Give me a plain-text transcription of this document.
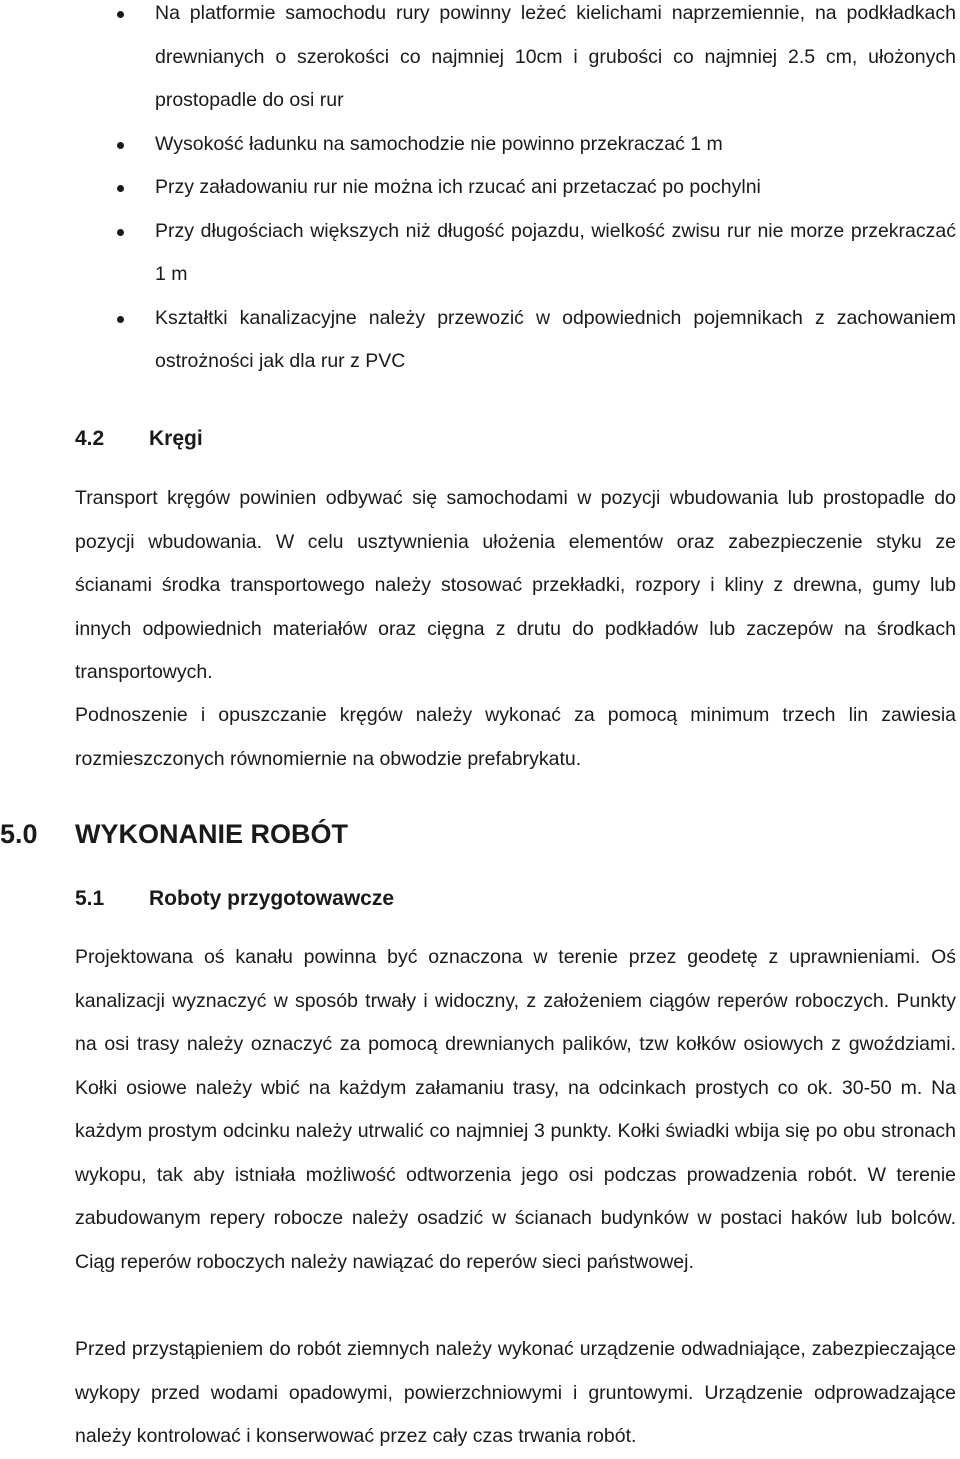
Na platformie samochodu rury powinny leżeć kielichami naprzemiennie, na podkładkach drewnianych o szerokości co najmniej 10cm i grubości co najmniej 2.5 cm, ułożonych prostopadle do osi rur
Wysokość ładunku na samochodzie nie powinno przekraczać 1 m
Przy załadowaniu rur nie można ich rzucać ani przetaczać po pochylni
Przy długościach większych niż długość pojazdu, wielkość zwisu rur nie morze przekraczać 1 m
Kształtki kanalizacyjne należy przewozić w odpowiednich pojemnikach z zachowaniem ostrożności jak dla rur z PVC
4.2 Kręgi

Transport kręgów powinien odbywać się samochodami w pozycji wbudowania lub prostopadle do pozycji wbudowania. W celu usztywnienia ułożenia elementów oraz zabezpieczenie styku ze ścianami środka transportowego należy stosować przekładki, rozpory i kliny z drewna, gumy lub innych odpowiednich materiałów oraz cięgna z drutu do podkładów lub zaczepów na środkach transportowych.

Podnoszenie i opuszczanie kręgów należy wykonać za pomocą minimum trzech lin zawiesia rozmieszczonych równomiernie na obwodzie prefabrykatu.

5.0 WYKONANIE ROBÓT
5.1 Roboty przygotowawcze

Projektowana oś kanału powinna być oznaczona w terenie przez geodetę z uprawnieniami. Oś kanalizacji wyznaczyć w sposób trwały i widoczny, z założeniem ciągów reperów roboczych. Punkty na osi trasy należy oznaczyć za pomocą drewnianych palików, tzw kołków osiowych z gwoździami. Kołki osiowe należy wbić na każdym załamaniu trasy, na odcinkach prostych co ok. 30-50 m. Na każdym prostym odcinku należy utrwalić co najmniej 3 punkty. Kołki świadki wbija się po obu stronach wykopu, tak aby istniała możliwość odtworzenia jego osi podczas prowadzenia robót. W terenie zabudowanym repery robocze należy osadzić w ścianach budynków w postaci haków lub bolców. Ciąg reperów roboczych należy nawiązać do reperów sieci państwowej.

Przed przystąpieniem do robót ziemnych należy wykonać urządzenie odwadniające, zabezpieczające wykopy przed wodami opadowymi, powierzchniowymi i gruntowymi. Urządzenie odprowadzające należy kontrolować i konserwować przez cały czas trwania robót.
